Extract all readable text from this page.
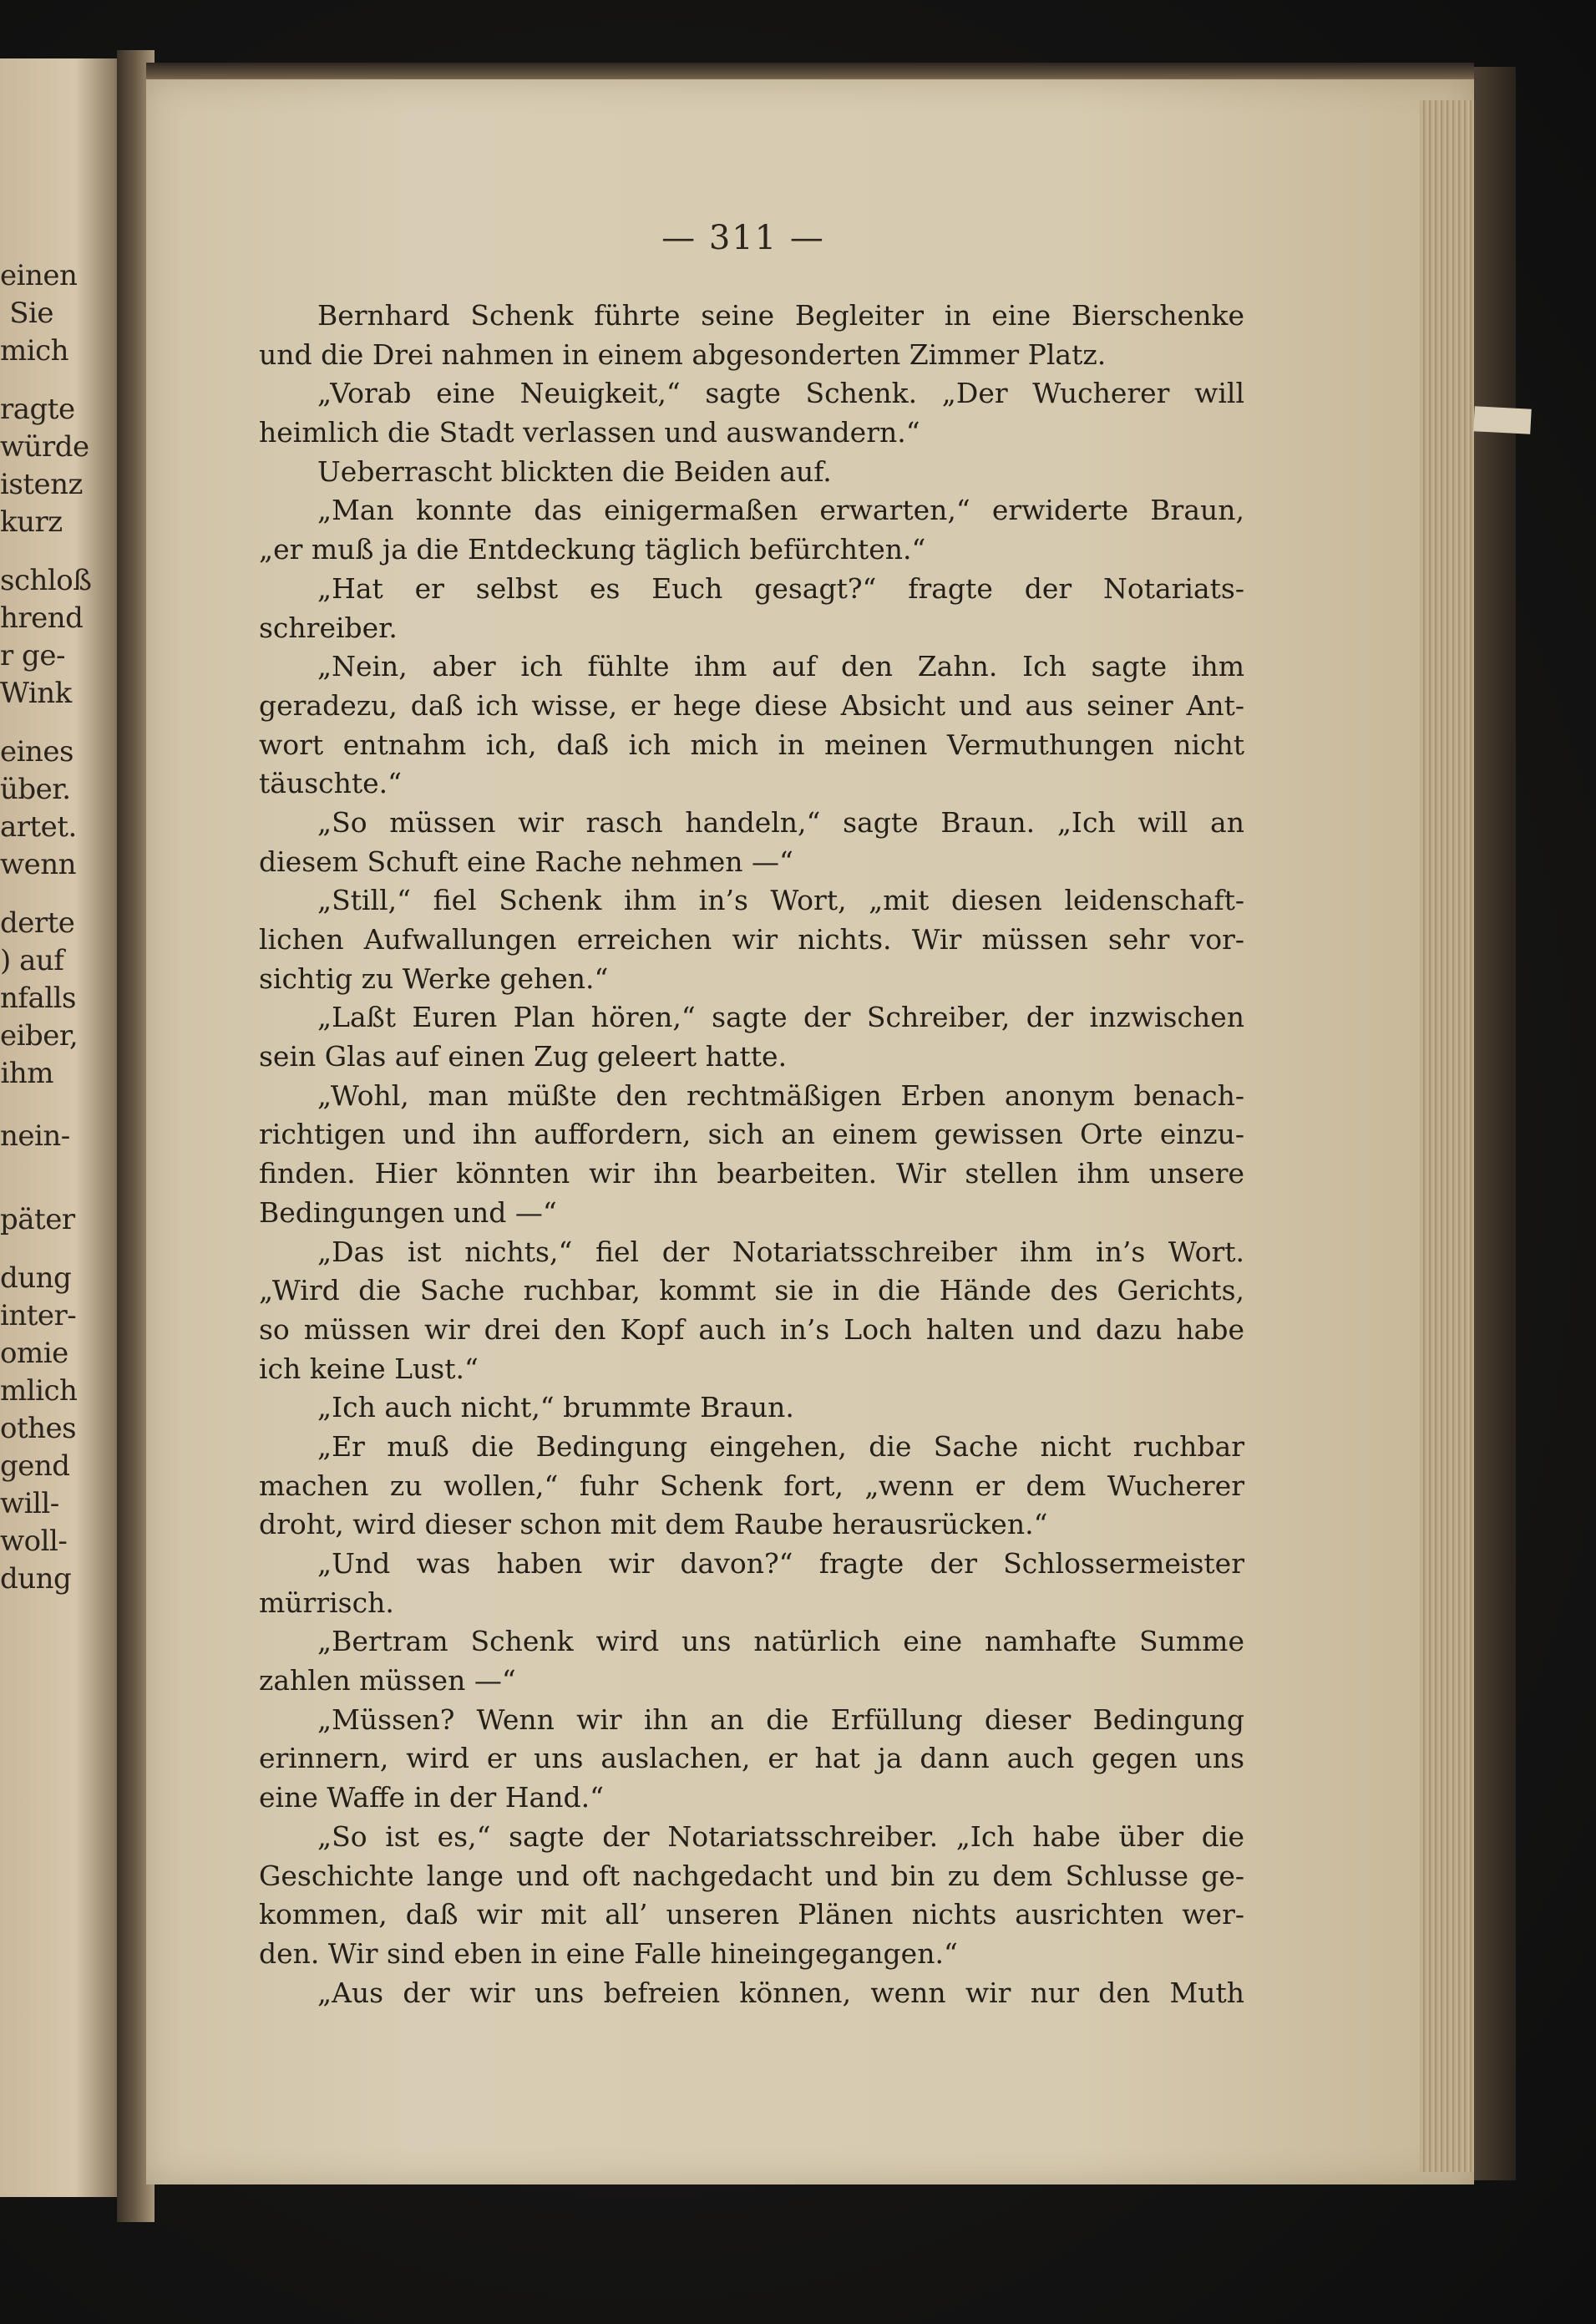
einen
Sie
mich
ragte
würde
istenz
kurz
schloß
hrend
r ge-
Wink
eines
über.
artet.
wenn
derte
) auf
nfalls
eiber,
ihm
nein-
päter
dung
inter-
omie
mlich
othes
gend
will-
woll-
dung
— 311 —
Bernhard Schenk führte seine Begleiter in eine Bierschenke
und die Drei nahmen in einem abgesonderten Zimmer Platz.
„Vorab eine Neuigkeit,“ sagte Schenk. „Der Wucherer will
heimlich die Stadt verlassen und auswandern.“
Ueberrascht blickten die Beiden auf.
„Man konnte das einigermaßen erwarten,“ erwiderte Braun,
„er muß ja die Entdeckung täglich befürchten.“
„Hat er selbst es Euch gesagt?“ fragte der Notariats-
schreiber.
„Nein, aber ich fühlte ihm auf den Zahn. Ich sagte ihm
geradezu, daß ich wisse, er hege diese Absicht und aus seiner Ant-
wort entnahm ich, daß ich mich in meinen Vermuthungen nicht
täuschte.“
„So müssen wir rasch handeln,“ sagte Braun. „Ich will an
diesem Schuft eine Rache nehmen —“
„Still,“ fiel Schenk ihm in’s Wort, „mit diesen leidenschaft-
lichen Aufwallungen erreichen wir nichts. Wir müssen sehr vor-
sichtig zu Werke gehen.“
„Laßt Euren Plan hören,“ sagte der Schreiber, der inzwischen
sein Glas auf einen Zug geleert hatte.
„Wohl, man müßte den rechtmäßigen Erben anonym benach-
richtigen und ihn auffordern, sich an einem gewissen Orte einzu-
finden. Hier könnten wir ihn bearbeiten. Wir stellen ihm unsere
Bedingungen und —“
„Das ist nichts,“ fiel der Notariatsschreiber ihm in’s Wort.
„Wird die Sache ruchbar, kommt sie in die Hände des Gerichts,
so müssen wir drei den Kopf auch in’s Loch halten und dazu habe
ich keine Lust.“
„Ich auch nicht,“ brummte Braun.
„Er muß die Bedingung eingehen, die Sache nicht ruchbar
machen zu wollen,“ fuhr Schenk fort, „wenn er dem Wucherer
droht, wird dieser schon mit dem Raube herausrücken.“
„Und was haben wir davon?“ fragte der Schlossermeister
mürrisch.
„Bertram Schenk wird uns natürlich eine namhafte Summe
zahlen müssen —“
„Müssen? Wenn wir ihn an die Erfüllung dieser Bedingung
erinnern, wird er uns auslachen, er hat ja dann auch gegen uns
eine Waffe in der Hand.“
„So ist es,“ sagte der Notariatsschreiber. „Ich habe über die
Geschichte lange und oft nachgedacht und bin zu dem Schlusse ge-
kommen, daß wir mit all’ unseren Plänen nichts ausrichten wer-
den. Wir sind eben in eine Falle hineingegangen.“
„Aus der wir uns befreien können, wenn wir nur den Muth
